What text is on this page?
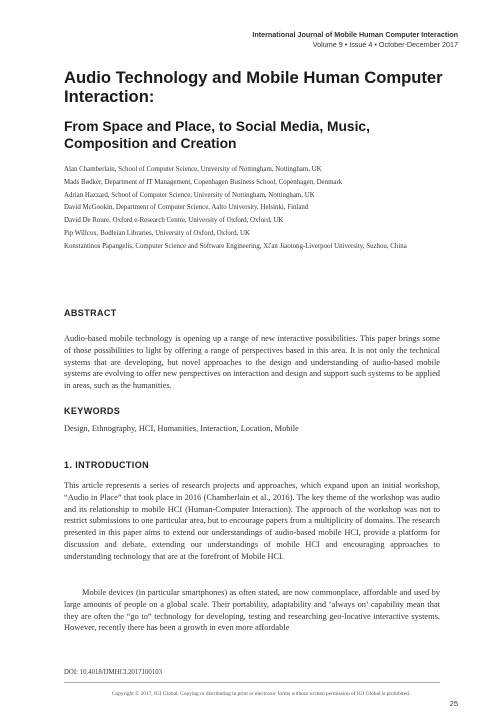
International Journal of Mobile Human Computer Interaction
Volume 9 • Issue 4 • October-December 2017
Audio Technology and Mobile Human Computer Interaction:
From Space and Place, to Social Media, Music, Composition and Creation
Alan Chamberlain, School of Computer Science, University of Nottingham, Nottingham, UK
Mads Bødker, Department of IT Management, Copenhagen Business School, Copenhagen, Denmark
Adrian Hazzard, School of Computer Science, University of Nottingham, Nottingham, UK
David McGookin, Department of Computer Science, Aalto University, Helsinki, Finland
David De Roure, Oxford e-Research Centre, University of Oxford, Oxford, UK
Pip Willcox, Bodleian Libraries, University of Oxford, Oxford, UK
Konstantinos Papangelis, Computer Science and Software Engineering, Xi'an Jiaotong-Liverpool University, Suzhou, China
ABSTRACT

Audio-based mobile technology is opening up a range of new interactive possibilities. This paper brings some of those possibilities to light by offering a range of perspectives based in this area. It is not only the technical systems that are developing, but novel approaches to the design and understanding of audio-based mobile systems are evolving to offer new perspectives on interaction and design and support such systems to be applied in areas, such as the humanities.

KEYWORDS

Design, Ethnography, HCI, Humanities, Interaction, Location, Mobile

1. INTRODUCTION

This article represents a series of research projects and approaches, which expand upon an initial workshop, “Audio in Place” that took place in 2016 (Chamberlain et al., 2016). The key theme of the workshop was audio and its relationship to mobile HCI (Human-Computer Interaction). The approach of the workshop was not to restrict submissions to one particular area, but to encourage papers from a multiplicity of domains. The research presented in this paper aims to extend our understandings of audio-based mobile HCI, provide a platform for discussion and debate, extending our understandings of mobile HCI and encouraging approaches to understanding technology that are at the forefront of Mobile HCI.

Mobile devices (in particular smartphones) as often stated, are now commonplace, affordable and used by large amounts of people on a global scale. Their portability, adaptability and ‘always on’ capability mean that they are often the “go to” technology for developing, testing and researching geo-locative interactive systems. However, recently there has been a growth in even more affordable

DOI: 10.4018/IJMHCI.2017100103
Copyright © 2017, IGI Global. Copying or distributing in print or electronic forms without written permission of IGI Global is prohibited.
25
